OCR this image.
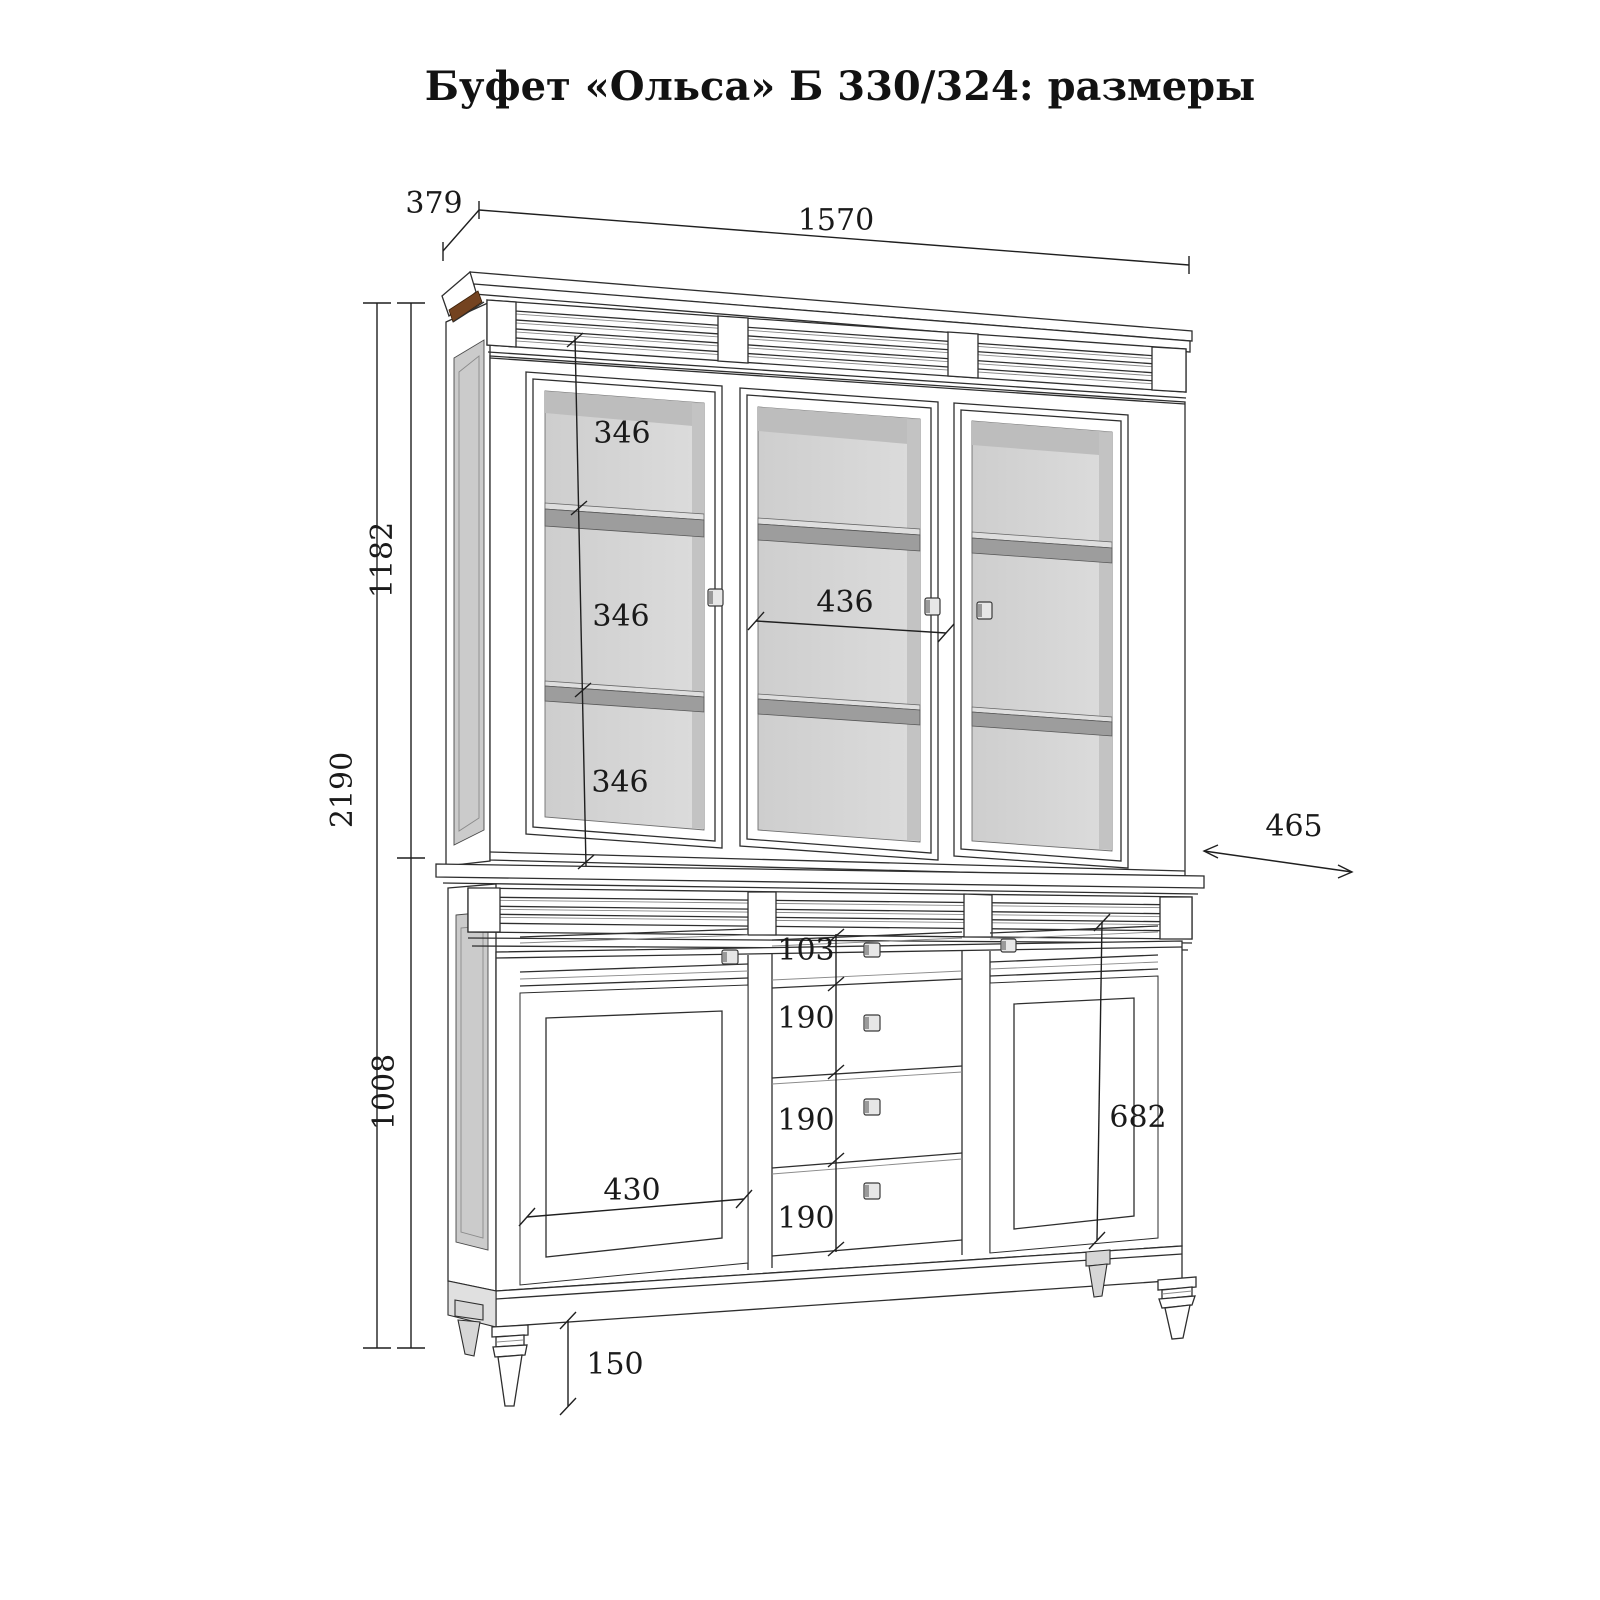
Буфет «Ольса» Б 330/324: размеры
1570
379
2190
1182
1008
346
346
346
436
465
103
190
190
190
430
682
150
